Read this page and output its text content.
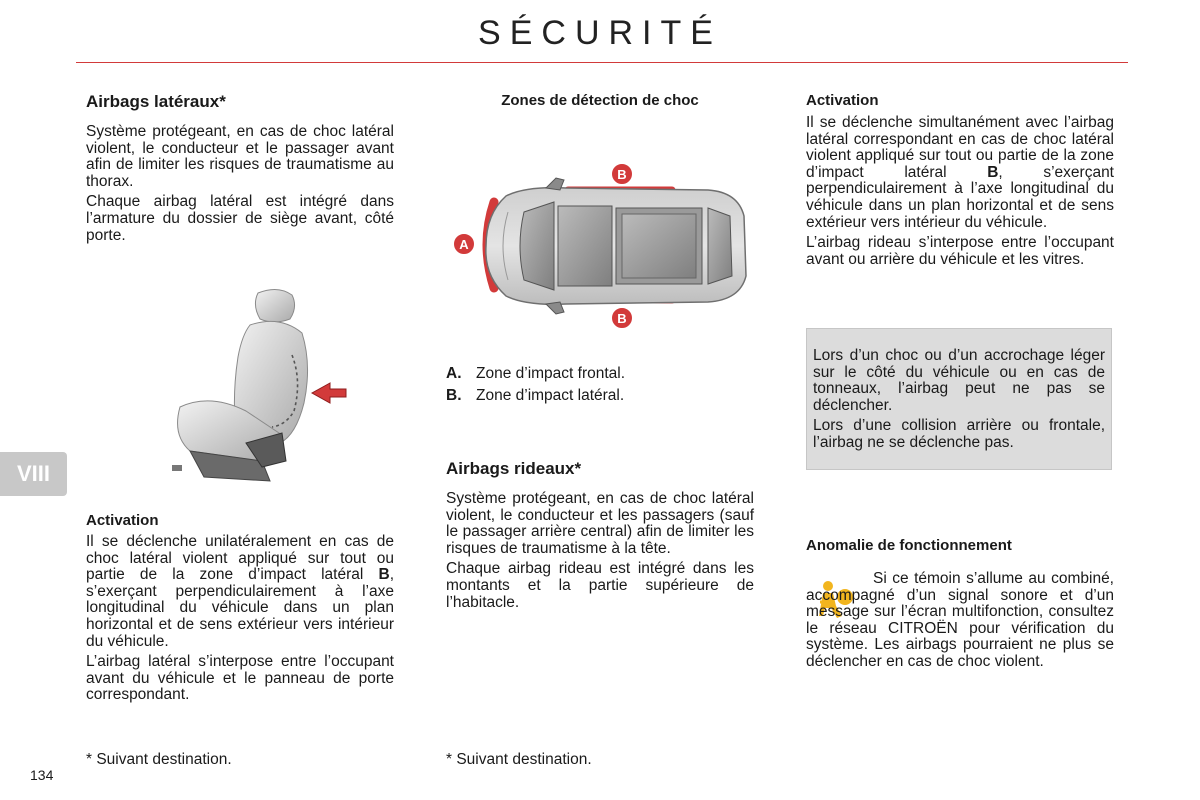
SÉCURITÉ
VIII
Airbags latéraux*

Système protégeant, en cas de choc latéral violent, le conducteur et le passager avant afin de limiter les risques de traumatisme au thorax.

Chaque airbag latéral est intégré dans l’armature du dossier de siège avant, côté porte.

Activation

Il se déclenche unilatéralement en cas de choc latéral violent appliqué sur tout ou partie de la zone d’impact latéral B, s’exerçant perpendiculairement à l’axe longitudinal du véhicule dans un plan horizontal et de sens extérieur vers intérieur du véhicule.

L’airbag latéral s’interpose entre l’occupant avant du véhicule et le panneau de porte correspondant.

* Suivant destination.

134

Zones de détection de choc
A
B
B

A. Zone d’impact frontal.

B. Zone d’impact latéral.

Airbags rideaux*

Système protégeant, en cas de choc latéral violent, le conducteur et les passagers (sauf le passager arrière central) afin de limiter les risques de traumatisme à la tête.

Chaque airbag rideau est intégré dans les montants et la partie supérieure de l’habitacle.

* Suivant destination.

Activation

Il se déclenche simultanément avec l’airbag latéral correspondant en cas de choc latéral violent appliqué sur tout ou partie de la zone d’impact latéral B, s’exerçant perpendiculairement à l’axe longitudinal du véhicule dans un plan horizontal et de sens extérieur vers intérieur du véhicule.

L’airbag rideau s’interpose entre l’occupant avant ou arrière du véhicule et les vitres.

Lors d’un choc ou d’un accrochage léger sur le côté du véhicule ou en cas de tonneaux, l’airbag peut ne pas se déclencher.

Lors d’une collision arrière ou frontale, l’airbag ne se déclenche pas.

Anomalie de fonctionnement

Si ce témoin s’allume au combiné, accompagné d’un signal sonore et d’un message sur l’écran multifonction, consultez le réseau CITROËN pour vérification du système. Les airbags pourraient ne plus se déclencher en cas de choc violent.
